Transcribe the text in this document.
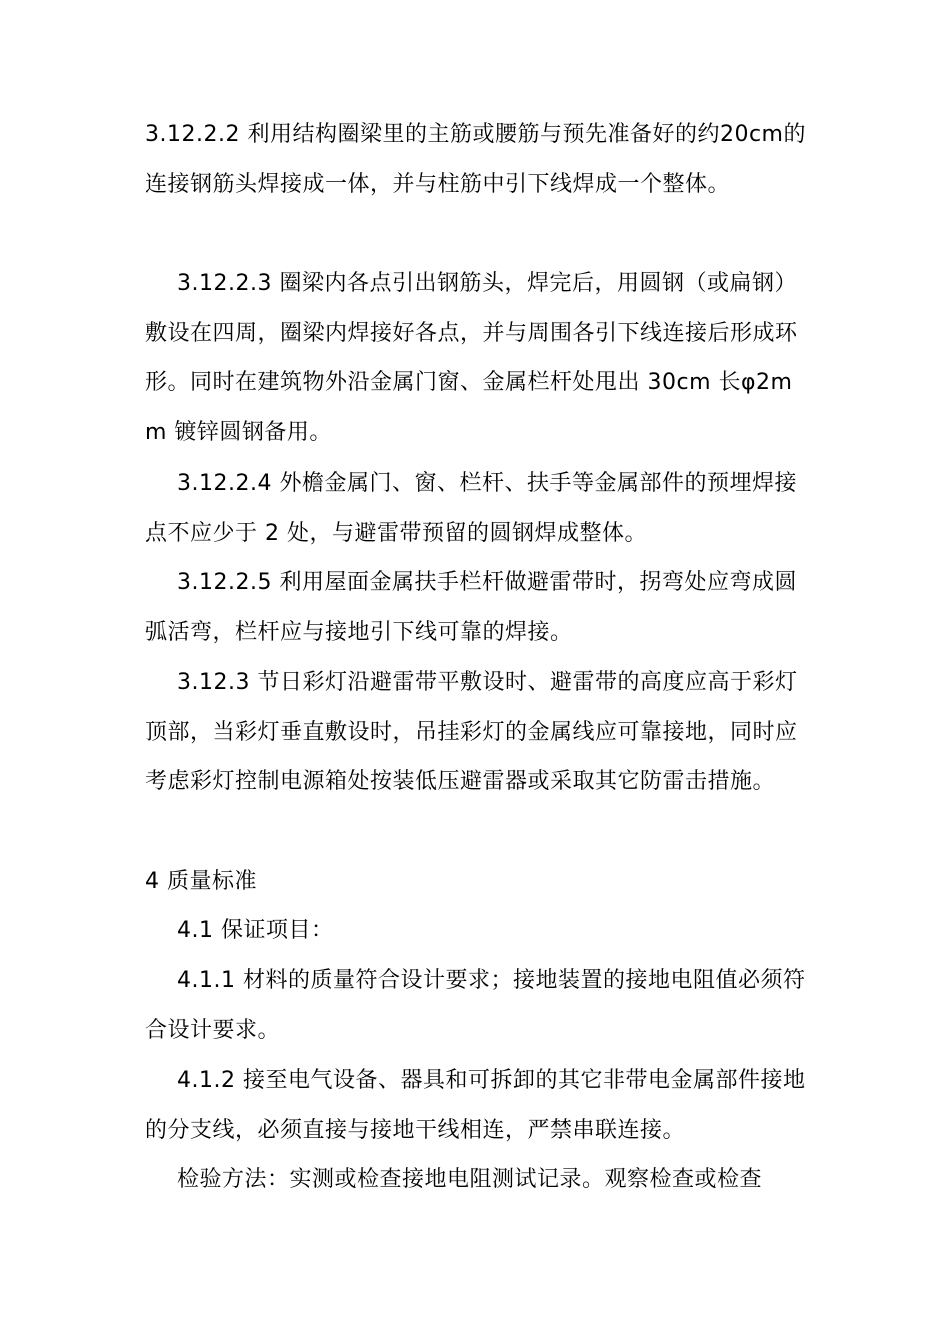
3.12.2.2 利用结构圈梁里的主筋或腰筋与预先准备好的约20cm的连接钢筋头焊接成一体，并与柱筋中引下线焊成一个整体。

3.12.2.3 圈梁内各点引出钢筋头，焊完后，用圆钢（或扁钢）敷设在四周，圈梁内焊接好各点，并与周围各引下线连接后形成环形。同时在建筑物外沿金属门窗、金属栏杆处甩出 30cm 长φ2mm 镀锌圆钢备用。

3.12.2.4 外檐金属门、窗、栏杆、扶手等金属部件的预埋焊接点不应少于 2 处，与避雷带预留的圆钢焊成整体。

3.12.2.5 利用屋面金属扶手栏杆做避雷带时，拐弯处应弯成圆弧活弯，栏杆应与接地引下线可靠的焊接。

3.12.3 节日彩灯沿避雷带平敷设时、避雷带的高度应高于彩灯顶部，当彩灯垂直敷设时，吊挂彩灯的金属线应可靠接地，同时应考虑彩灯控制电源箱处按装低压避雷器或采取其它防雷击措施。

4 质量标准

4.1 保证项目：

4.1.1 材料的质量符合设计要求；接地装置的接地电阻值必须符合设计要求。

4.1.2 接至电气设备、器具和可拆卸的其它非带电金属部件接地的分支线，必须直接与接地干线相连，严禁串联连接。

检验方法：实测或检查接地电阻测试记录。观察检查或检查
